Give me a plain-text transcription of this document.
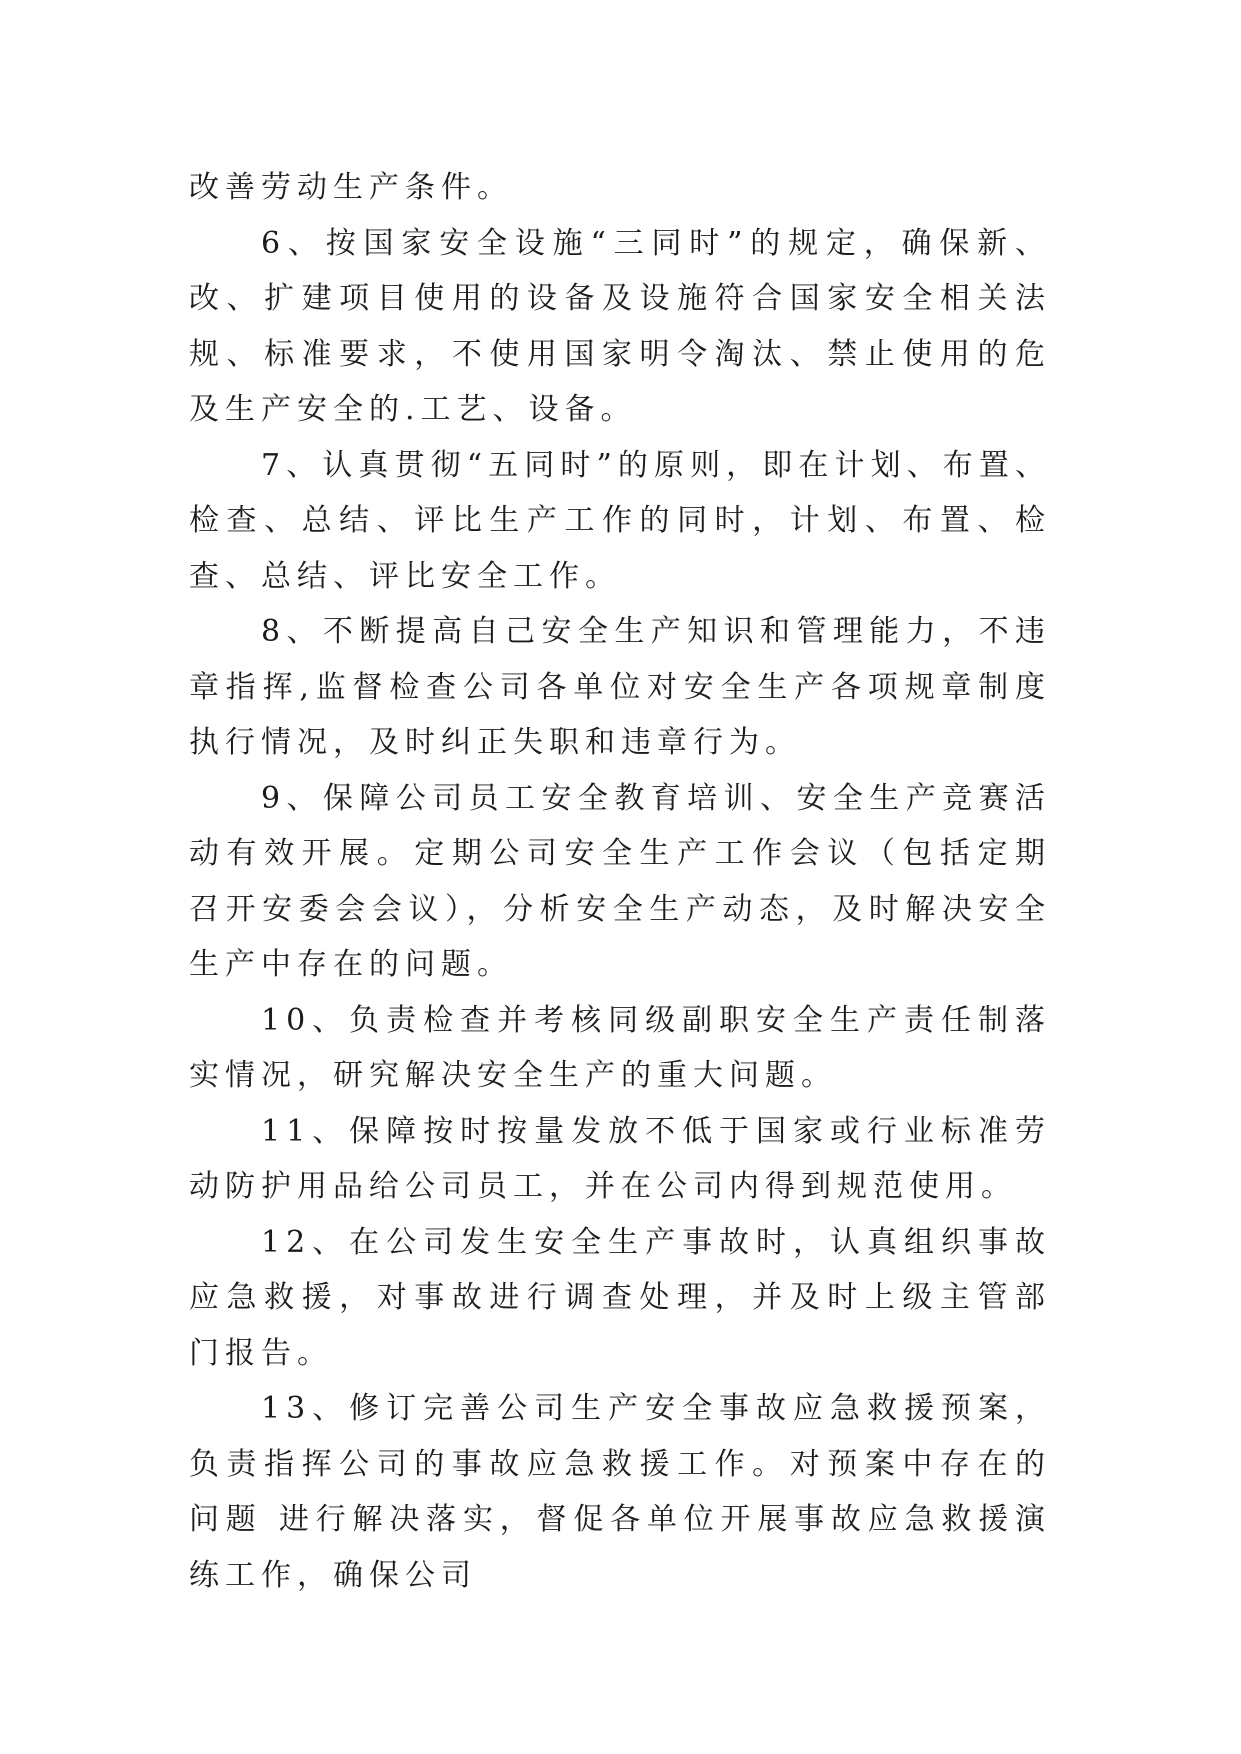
改善劳动生产条件。

6、按国家安全设施“三同时”的规定，确保新、改、扩建项目使用的设备及设施符合国家安全相关法规、标准要求，不使用国家明令淘汰、禁止使用的危及生产安全的.工艺、设备。

7、认真贯彻“五同时”的原则，即在计划、布置、检查、总结、评比生产工作的同时，计划、布置、检查、总结、评比安全工作。

8、不断提高自己安全生产知识和管理能力，不违章指挥,监督检查公司各单位对安全生产各项规章制度执行情况，及时纠正失职和违章行为。

9、保障公司员工安全教育培训、安全生产竞赛活动有效开展。定期公司安全生产工作会议（包括定期召开安委会会议），分析安全生产动态，及时解决安全生产中存在的问题。

10、负责检查并考核同级副职安全生产责任制落实情况，研究解决安全生产的重大问题。

11、保障按时按量发放不低于国家或行业标准劳动防护用品给公司员工，并在公司内得到规范使用。

12、在公司发生安全生产事故时，认真组织事故应急救援，对事故进行调查处理，并及时上级主管部门报告。

13、修订完善公司生产安全事故应急救援预案，负责指挥公司的事故应急救援工作。对预案中存在的问题 进行解决落实，督促各单位开展事故应急救援演练工作，确保公司
